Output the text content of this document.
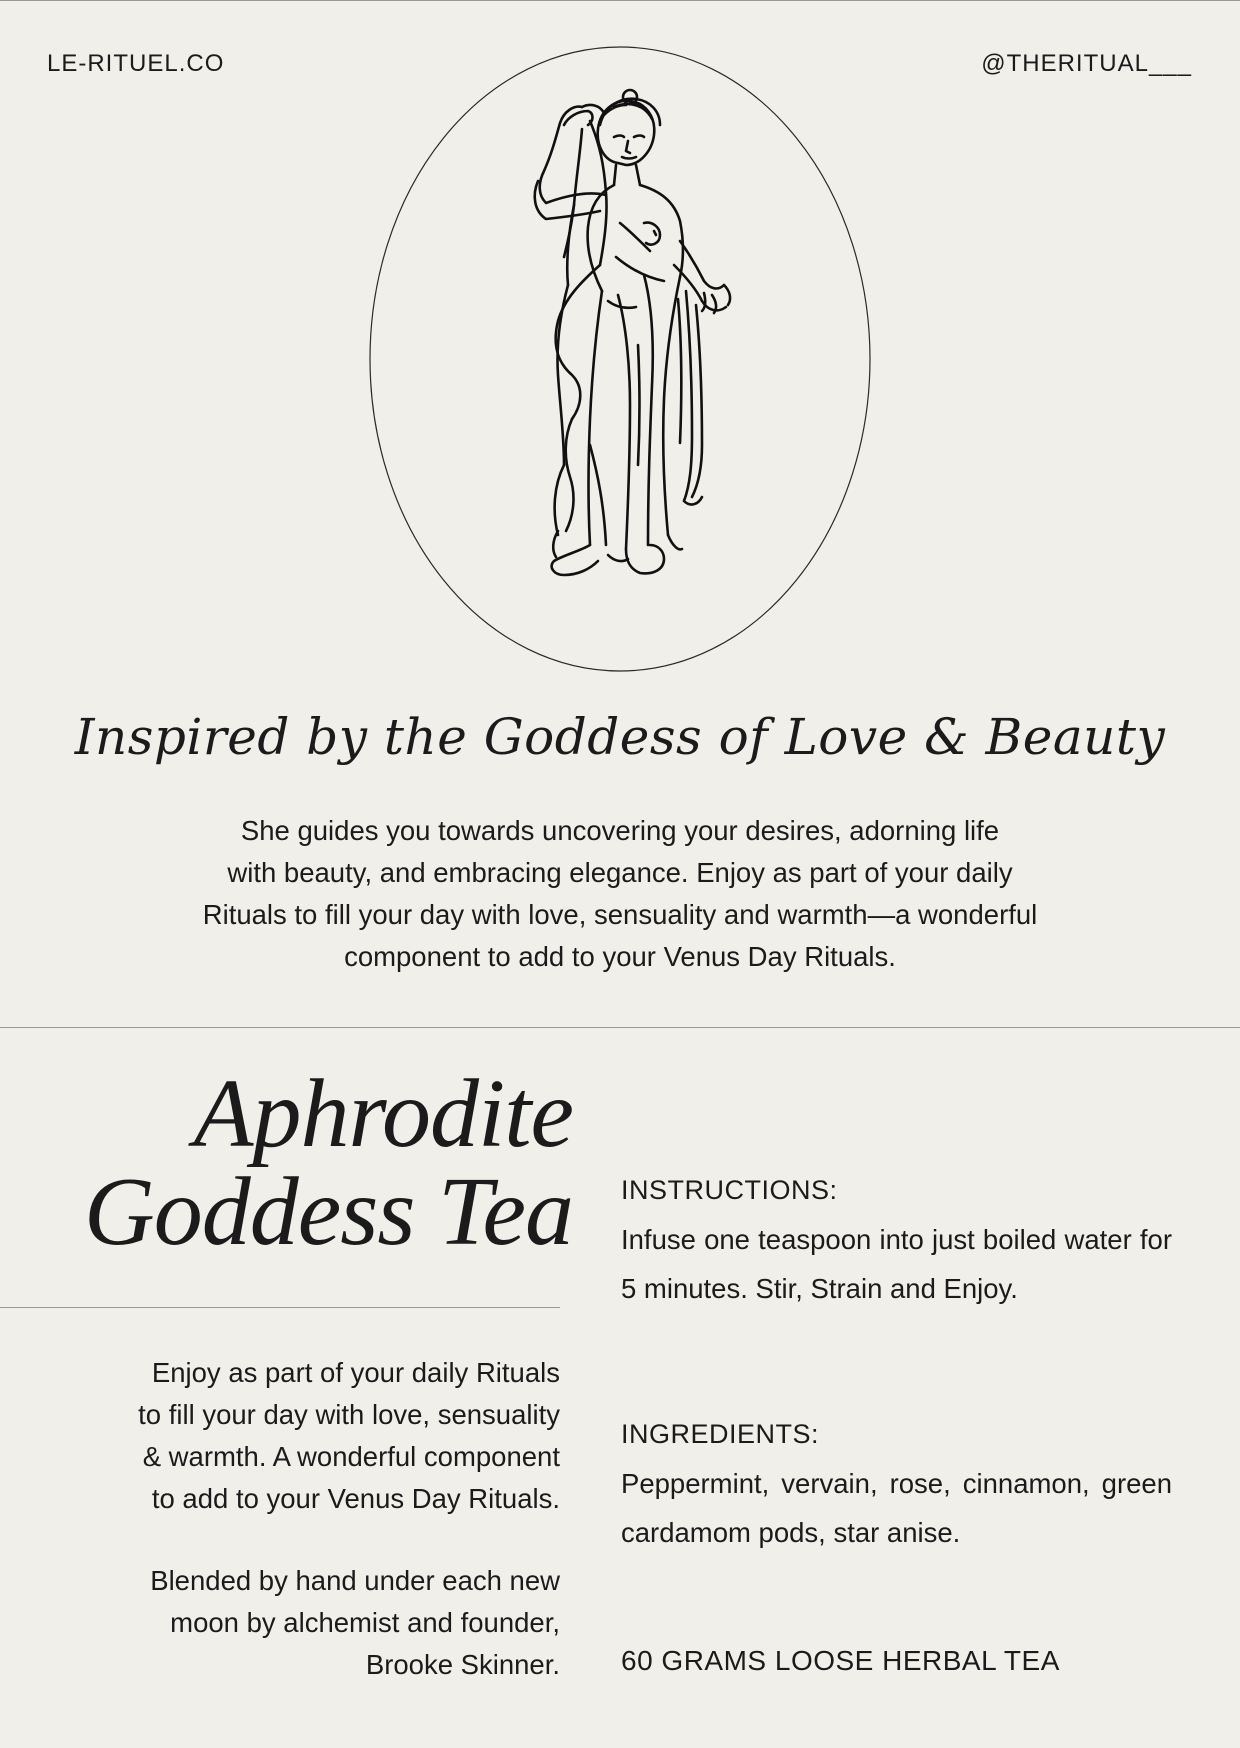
LE-RITUEL.CO	@THERITUAL___
Inspired by the Goddess of Love & Beauty

She guides you towards uncovering your desires, adorning life

with beauty, and embracing elegance. Enjoy as part of your daily

Rituals to fill your day with love, sensuality and warmth—a wonderful

component to add to your Venus Day Rituals.

Aphrodite
Goddess Tea

Enjoy as part of your daily Rituals

to fill your day with love, sensuality

& warmth. A wonderful component

to add to your Venus Day Rituals.

Blended by hand under each new

moon by alchemist and founder,

Brooke Skinner.

INSTRUCTIONS:
Infuse one teaspoon into just boiled water for 5 minutes. Stir, Strain and Enjoy.
INGREDIENTS:
Peppermint, vervain, rose, cinnamon, green cardamom pods, star anise.
60 GRAMS LOOSE HERBAL TEA
